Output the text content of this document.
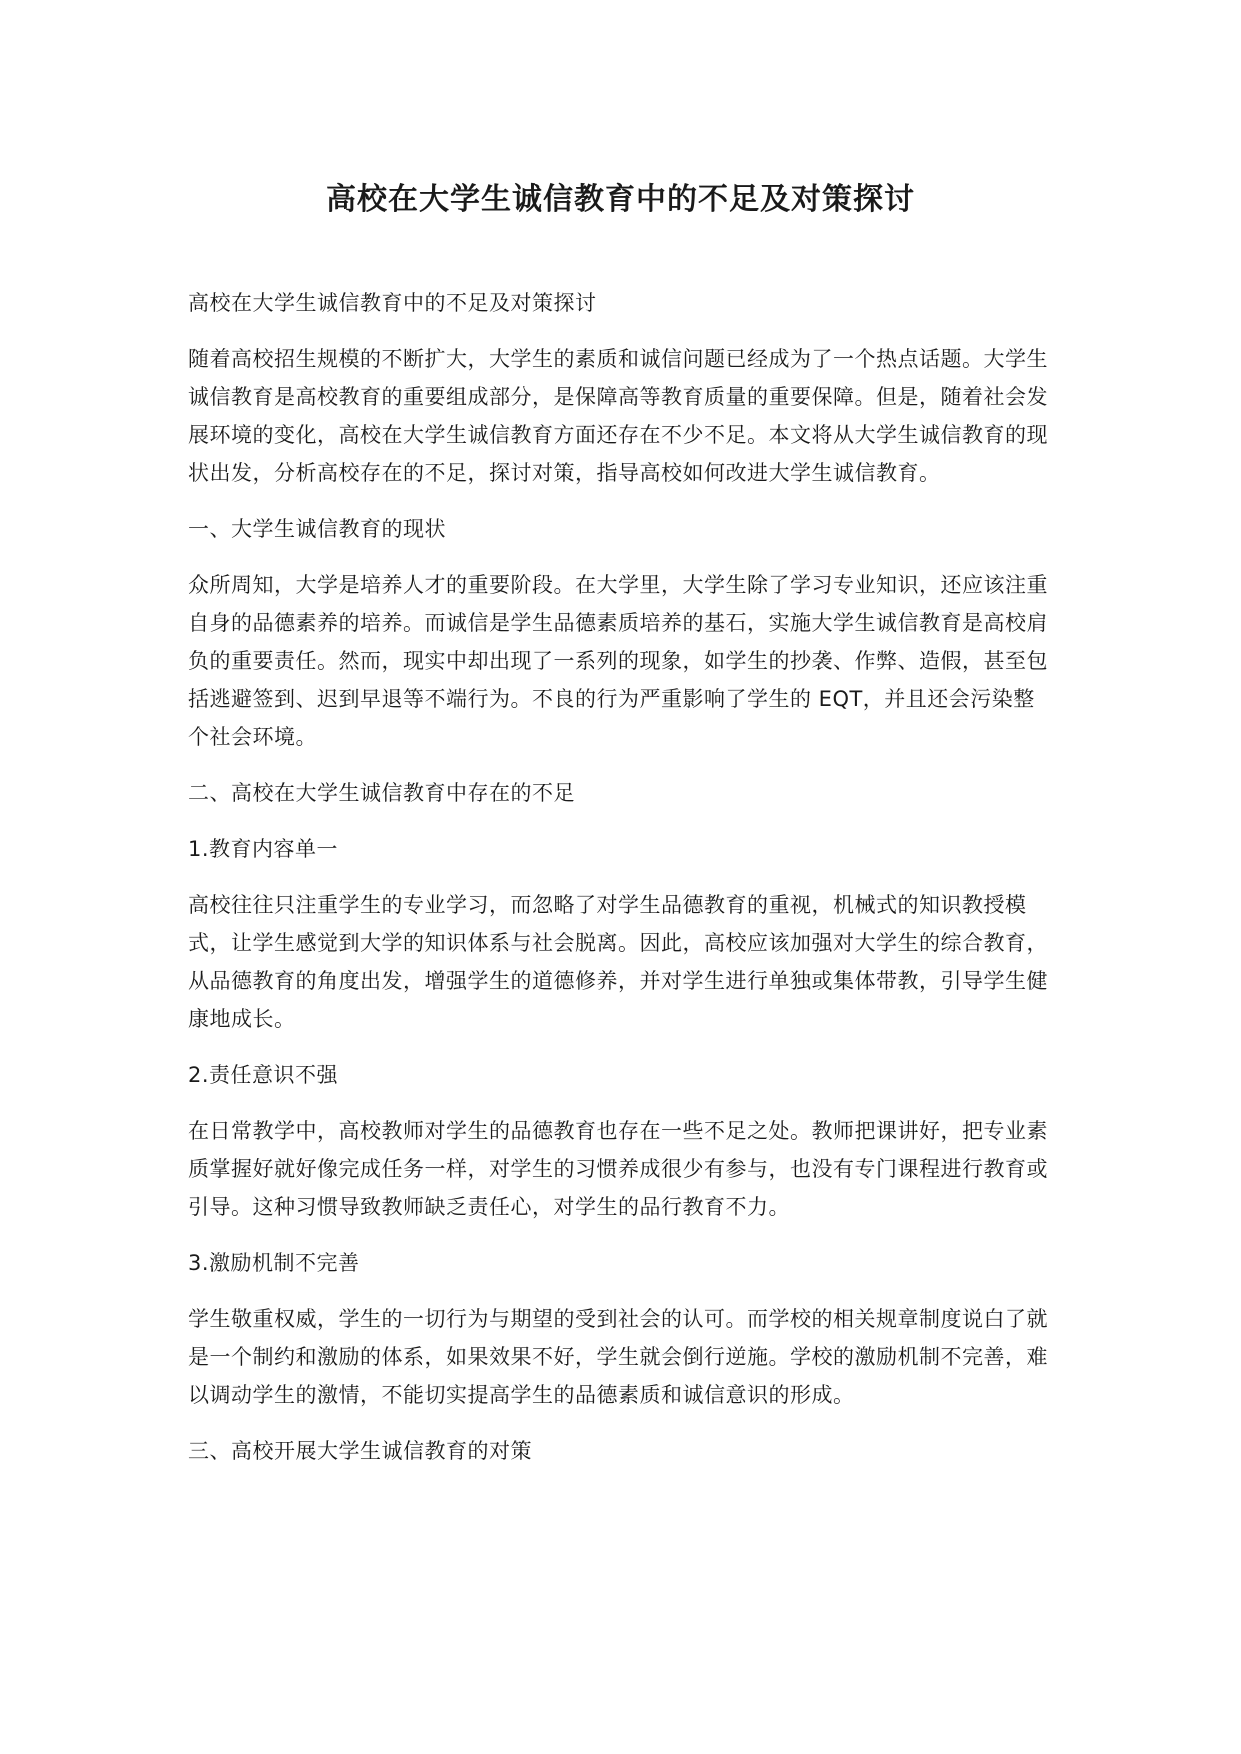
高校在大学生诚信教育中的不足及对策探讨

高校在大学生诚信教育中的不足及对策探讨

随着高校招生规模的不断扩大，大学生的素质和诚信问题已经成为了一个热点话题。大学生诚信教育是高校教育的重要组成部分，是保障高等教育质量的重要保障。但是，随着社会发展环境的变化，高校在大学生诚信教育方面还存在不少不足。本文将从大学生诚信教育的现状出发，分析高校存在的不足，探讨对策，指导高校如何改进大学生诚信教育。

一、大学生诚信教育的现状

众所周知，大学是培养人才的重要阶段。在大学里，大学生除了学习专业知识，还应该注重自身的品德素养的培养。而诚信是学生品德素质培养的基石，实施大学生诚信教育是高校肩负的重要责任。然而，现实中却出现了一系列的现象，如学生的抄袭、作弊、造假，甚至包括逃避签到、迟到早退等不端行为。不良的行为严重影响了学生的 EQT，并且还会污染整个社会环境。

二、高校在大学生诚信教育中存在的不足

1.教育内容单一

高校往往只注重学生的专业学习，而忽略了对学生品德教育的重视，机械式的知识教授模式，让学生感觉到大学的知识体系与社会脱离。因此，高校应该加强对大学生的综合教育，从品德教育的角度出发，增强学生的道德修养，并对学生进行单独或集体带教，引导学生健康地成长。

2.责任意识不强

在日常教学中，高校教师对学生的品德教育也存在一些不足之处。教师把课讲好，把专业素质掌握好就好像完成任务一样，对学生的习惯养成很少有参与，也没有专门课程进行教育或引导。这种习惯导致教师缺乏责任心，对学生的品行教育不力。

3.激励机制不完善

学生敬重权威，学生的一切行为与期望的受到社会的认可。而学校的相关规章制度说白了就是一个制约和激励的体系，如果效果不好，学生就会倒行逆施。学校的激励机制不完善，难以调动学生的激情，不能切实提高学生的品德素质和诚信意识的形成。

三、高校开展大学生诚信教育的对策
